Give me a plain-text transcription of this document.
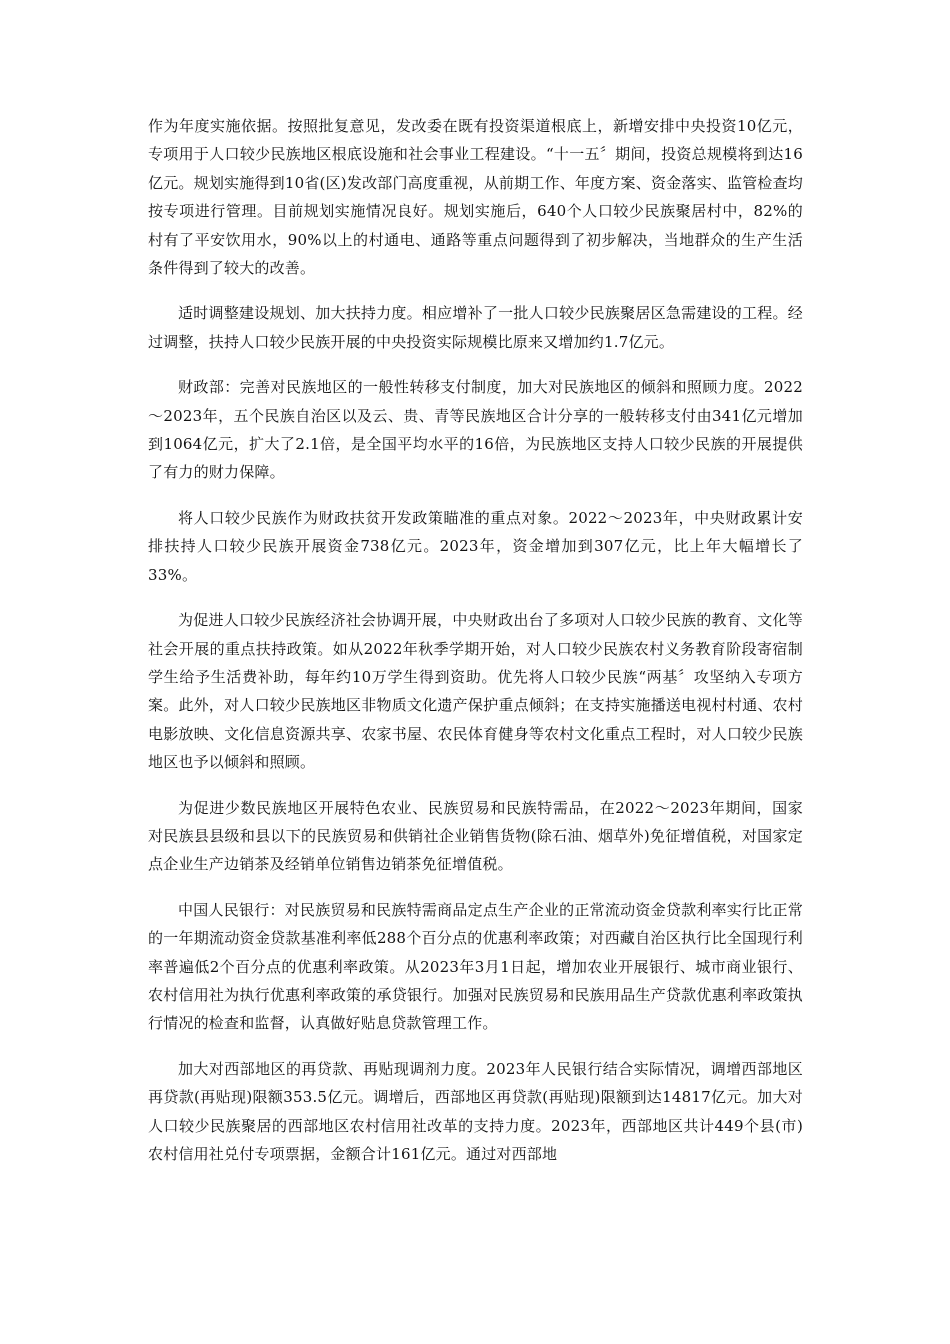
作为年度实施依据。按照批复意见，发改委在既有投资渠道根底上，新增安排中央投资10亿元，专项用于人口较少民族地区根底设施和社会事业工程建设。“十一五〞期间，投资总规模将到达16亿元。规划实施得到10省(区)发改部门高度重视，从前期工作、年度方案、资金落实、监管检查均按专项进行管理。目前规划实施情况良好。规划实施后，640个人口较少民族聚居村中，82%的村有了平安饮用水，90%以上的村通电、通路等重点问题得到了初步解决，当地群众的生产生活条件得到了较大的改善。

适时调整建设规划、加大扶持力度。相应增补了一批人口较少民族聚居区急需建设的工程。经过调整，扶持人口较少民族开展的中央投资实际规模比原来又增加约1.7亿元。

财政部：完善对民族地区的一般性转移支付制度，加大对民族地区的倾斜和照顾力度。2022～2023年，五个民族自治区以及云、贵、青等民族地区合计分享的一般转移支付由341亿元增加到1064亿元，扩大了2.1倍，是全国平均水平的16倍，为民族地区支持人口较少民族的开展提供了有力的财力保障。

将人口较少民族作为财政扶贫开发政策瞄准的重点对象。2022～2023年，中央财政累计安排扶持人口较少民族开展资金738亿元。2023年，资金增加到307亿元，比上年大幅增长了33%。

为促进人口较少民族经济社会协调开展，中央财政出台了多项对人口较少民族的教育、文化等社会开展的重点扶持政策。如从2022年秋季学期开始，对人口较少民族农村义务教育阶段寄宿制学生给予生活费补助，每年约10万学生得到资助。优先将人口较少民族“两基〞攻坚纳入专项方案。此外，对人口较少民族地区非物质文化遗产保护重点倾斜；在支持实施播送电视村村通、农村电影放映、文化信息资源共享、农家书屋、农民体育健身等农村文化重点工程时，对人口较少民族地区也予以倾斜和照顾。

为促进少数民族地区开展特色农业、民族贸易和民族特需品，在2022～2023年期间，国家对民族县县级和县以下的民族贸易和供销社企业销售货物(除石油、烟草外)免征增值税，对国家定点企业生产边销茶及经销单位销售边销茶免征增值税。

中国人民银行：对民族贸易和民族特需商品定点生产企业的正常流动资金贷款利率实行比正常的一年期流动资金贷款基准利率低288个百分点的优惠利率政策；对西藏自治区执行比全国现行利率普遍低2个百分点的优惠利率政策。从2023年3月1日起，增加农业开展银行、城市商业银行、农村信用社为执行优惠利率政策的承贷银行。加强对民族贸易和民族用品生产贷款优惠利率政策执行情况的检查和监督，认真做好贴息贷款管理工作。

加大对西部地区的再贷款、再贴现调剂力度。2023年人民银行结合实际情况，调增西部地区再贷款(再贴现)限额353.5亿元。调增后，西部地区再贷款(再贴现)限额到达14817亿元。加大对人口较少民族聚居的西部地区农村信用社改革的支持力度。2023年，西部地区共计449个县(市)农村信用社兑付专项票据，金额合计161亿元。通过对西部地
